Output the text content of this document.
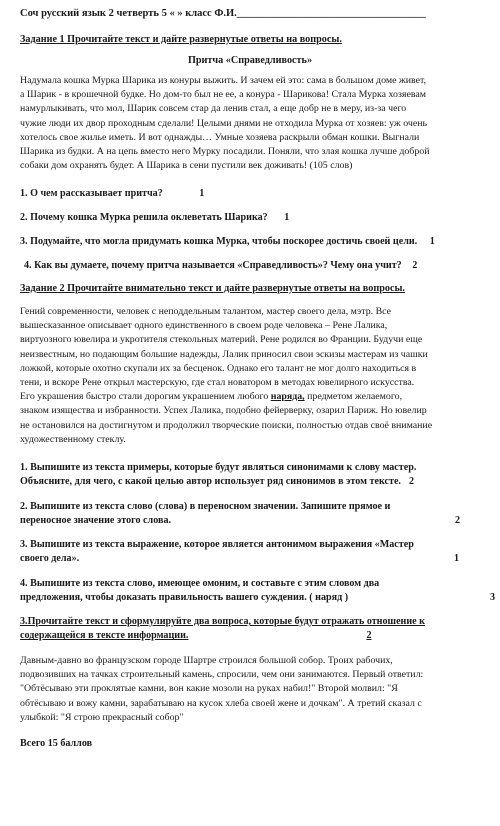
Соч русский язык 2 четверть 5 « » класс Ф.И.____________________________________
Задание 1 Прочитайте текст и дайте развернутые ответы на вопросы.
Притча «Справедливость»
Надумала кошка Мурка Шарика из конуры выжить. И зачем ей это: сама в большом доме живет,
а Шарик - в крошечной будке. Но дом-то был не ее, а конура - Шарикова! Стала Мурка хозяевам
намурлыкивать, что мол, Шарик совсем стар да ленив стал, а еще добр не в меру, из-за чего
чужие люди их двор проходным сделали! Целыми днями не отходила Мурка от хозяев: уж очень
хотелось свое жилье иметь. И вот однажды… Умные хозяева раскрыли обман кошки. Выгнали
Шарика из будки. А на цепь вместо него Мурку посадили. Поняли, что злая кошка лучше доброй
собаки дом охранять будет. А Шарика в сени пустили век доживать! (105 слов)
1. О чем рассказывает притча?	1
2. Почему кошка Мурка решила оклеветать Шарика? 1
3. Подумайте, что могла придумать кошка Мурка, чтобы поскорее достичь своей цели. 1
4. Как вы думаете, почему притча называется «Справедливость»? Чему она учит? 2
Задание 2 Прочитайте внимательно текст и дайте развернутые ответы на вопросы.
Гений современности, человек с неподдельным талантом, мастер своего дела, мэтр. Все
вышесказанное описывает одного единственного в своем роде человека – Рене Лалика,
виртуозного ювелира и укротителя стекольных материй. Рене родился во Франции. Будучи еще
неизвестным, но подающим большие надежды, Лалик приносил свои эскизы мастерам из чашки
ложкой, которые охотно скупали их за бесценок. Однако его талант не мог долго находиться в
тени, и вскоре Рене открыл мастерскую, где стал новатором в методах ювелирного искусства.
Его украшения быстро стали дорогим украшением любого наряда, предметом желаемого,
знаком изящества и избранности. Успех Лалика, подобно фейерверку, озарил Париж. Но ювелир
не остановился на достигнутом и продолжил творческие поиски, полностью отдав своё внимание
художественному стеклу.
1. Выпишите из текста примеры, которые будут являться синонимами к слову мастер.
Объясните, для чего, с какой целью автор использует ряд синонимов в этом тексте. 2
2. Выпишите из текста слово (слова) в переносном значении. Запишите прямое и
переносное значение этого слова.	2
3. Выпишите из текста выражение, которое является антонимом выражения «Мастер
своего дела».	1
4. Выпишите из текста слово, имеющее омоним, и составьте с этим словом два
предложения, чтобы доказать правильность вашего суждения. ( наряд )	3
3.Прочитайте текст и сформулируйте два вопроса, которые будут отражать отношение к
содержащейся в тексте информации.	2
Давным-давно во французском городе Шартре строился большой собор. Троих рабочих,
подвозивших на тачках строительный камень, спросили, чем они занимаются. Первый ответил:
"Обтёсываю эти проклятые камни, вон какие мозоли на руках набил!" Второй молвил: "Я
обтёсываю и вожу камни, зарабатываю на кусок хлеба своей жене и дочкам". А третий сказал с
улыбкой: "Я строю прекрасный собор"
Всего 15 баллов
